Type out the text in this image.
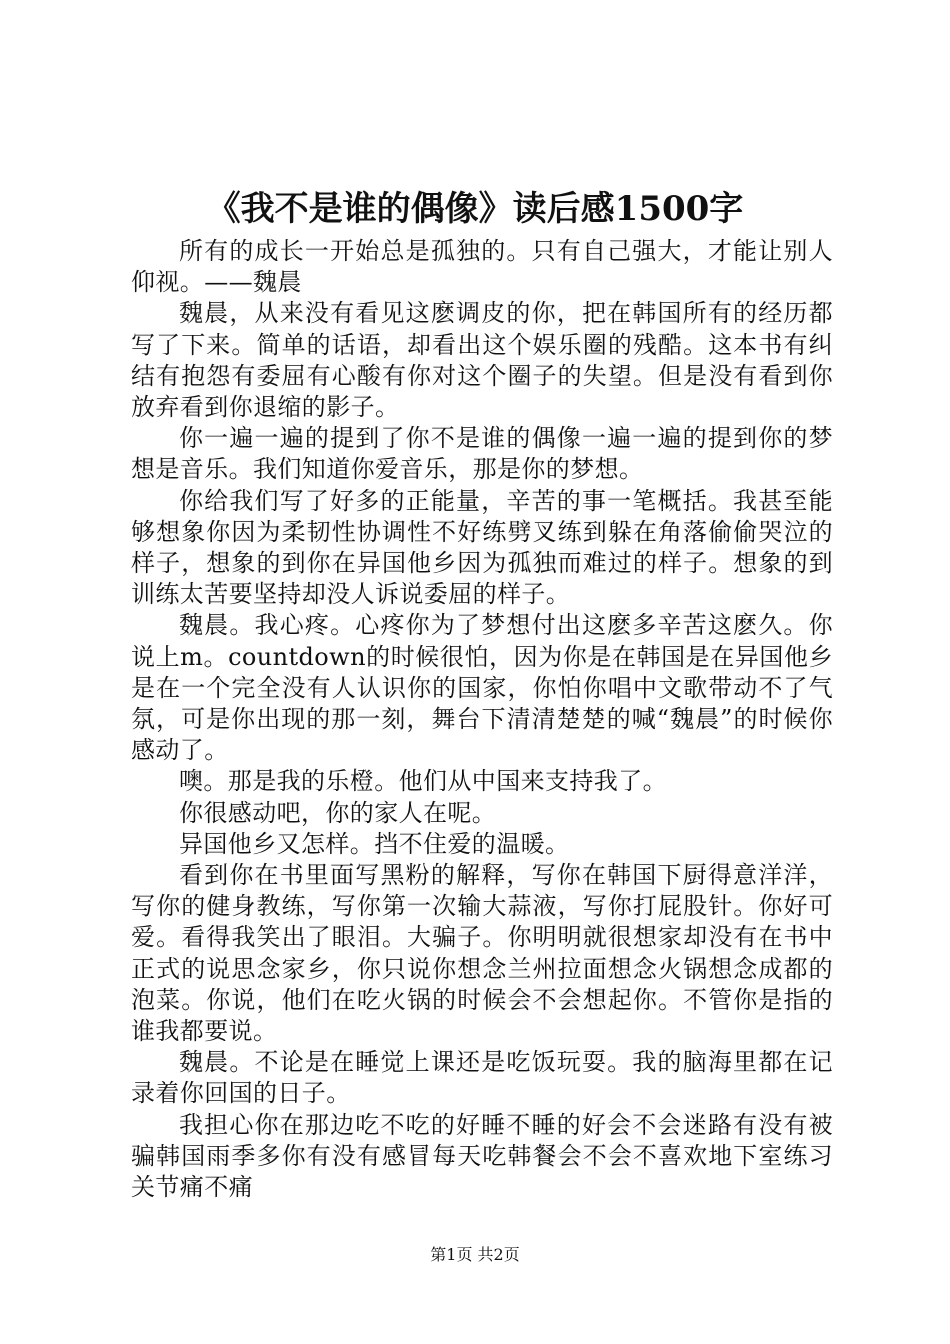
《我不是谁的偶像》读后感1500字

所有的成长一开始总是孤独的。只有自己强大，才能让别人仰视。——魏晨

魏晨，从来没有看见这麽调皮的你，把在韩国所有的经历都写了下来。简单的话语，却看出这个娱乐圈的残酷。这本书有纠结有抱怨有委屈有心酸有你对这个圈子的失望。但是没有看到你放弃看到你退缩的影子。

你一遍一遍的提到了你不是谁的偶像一遍一遍的提到你的梦想是音乐。我们知道你爱音乐，那是你的梦想。

你给我们写了好多的正能量，辛苦的事一笔概括。我甚至能够想象你因为柔韧性协调性不好练劈叉练到躲在角落偷偷哭泣的样子，想象的到你在异国他乡因为孤独而难过的样子。想象的到训练太苦要坚持却没人诉说委屈的样子。

魏晨。我心疼。心疼你为了梦想付出这麽多辛苦这麽久。你说上m。countdown的时候很怕，因为你是在韩国是在异国他乡是在一个完全没有人认识你的国家，你怕你唱中文歌带动不了气氛，可是你出现的那一刻，舞台下清清楚楚的喊“魏晨”的时候你感动了。

噢。那是我的乐橙。他们从中国来支持我了。

你很感动吧，你的家人在呢。

异国他乡又怎样。挡不住爱的温暖。

看到你在书里面写黑粉的解释，写你在韩国下厨得意洋洋，写你的健身教练，写你第一次输大蒜液，写你打屁股针。你好可爱。看得我笑出了眼泪。大骗子。你明明就很想家却没有在书中正式的说思念家乡，你只说你想念兰州拉面想念火锅想念成都的泡菜。你说，他们在吃火锅的时候会不会想起你。不管你是指的谁我都要说。

魏晨。不论是在睡觉上课还是吃饭玩耍。我的脑海里都在记录着你回国的日子。

我担心你在那边吃不吃的好睡不睡的好会不会迷路有没有被骗韩国雨季多你有没有感冒每天吃韩餐会不会不喜欢地下室练习关节痛不痛

第1页 共2页
